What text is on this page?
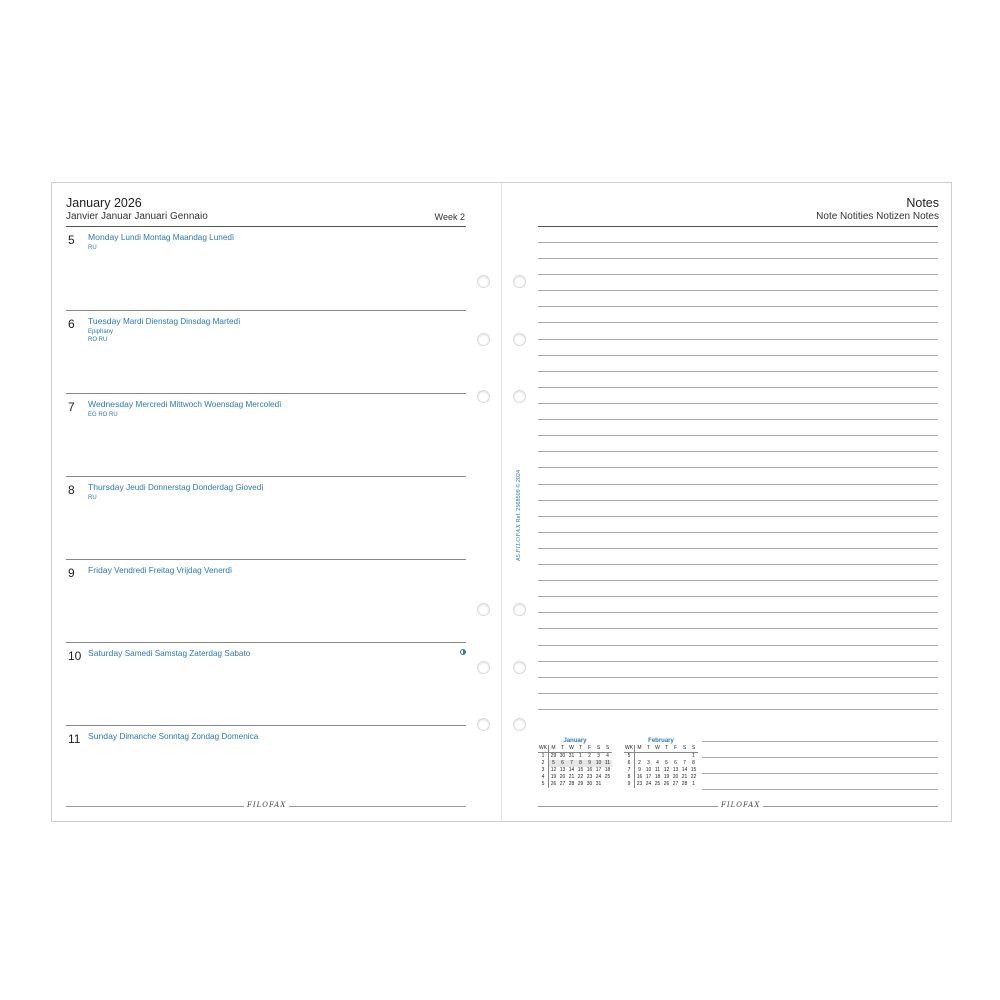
January 2026
Janvier Januar Januari Gennaio	Week 2
5 Monday Lundi Montag Maandag Lunedì
RU
6 Tuesday Mardi Dienstag Dinsdag Martedì
Epiphany
RO RU
7 Wednesday Mercredi Mittwoch Woensdag Mercoledì
EG RO RU
8 Thursday Jeudi Donnerstag Donderdag Giovedì
RU
9 Friday Vendredi Freitag Vrijdag Venerdì
10 Saturday Samedi Samstag Zaterdag Sabato
11 Sunday Dimanche Sonntag Zondag Domenica
FILOFAX
Notes
Note Notities Notizen Notes
A5 FILOFAX Ref. 2568509 © 2024
January
WK	M	T	W	T	F	S	S
1	29	30	31	1	2	3	4
2	5	6	7	8	9	10	11
3	12	13	14	15	16	17	18
4	19	20	21	22	23	24	25
5	26	27	28	29	30	31	
February
WK	M	T	W	T	F	S	S
5							1
6	2	3	4	5	6	7	8
7	9	10	11	12	13	14	15
8	16	17	18	19	20	21	22
9	23	24	25	26	27	28	1
FILOFAX
